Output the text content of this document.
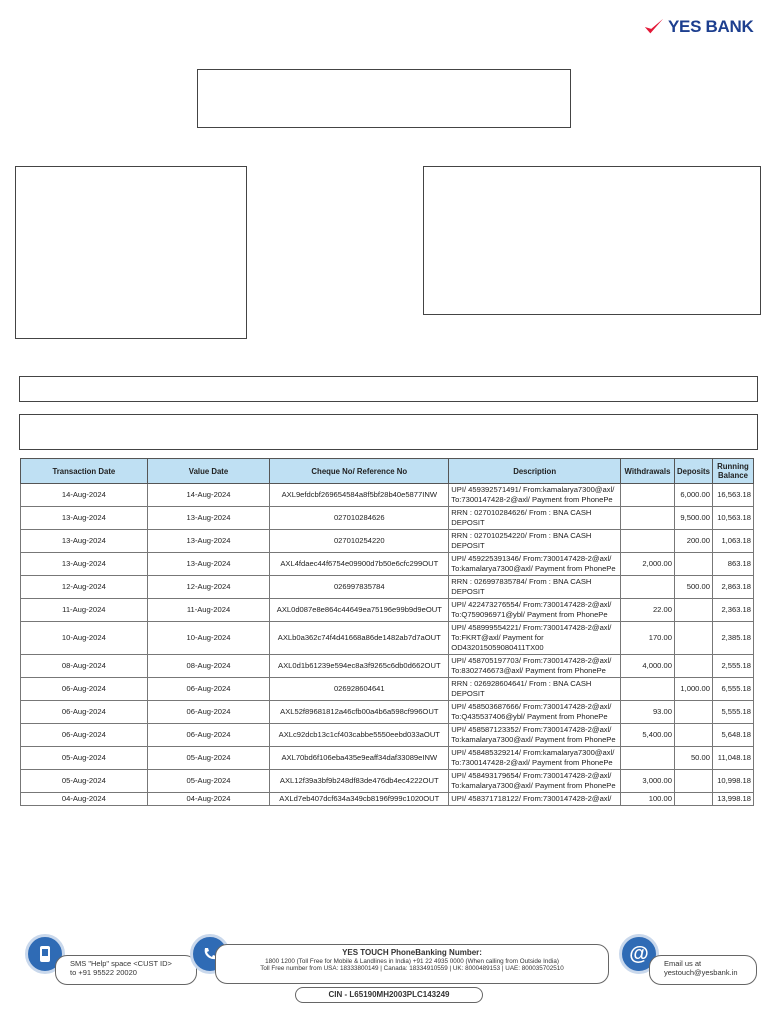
YES BANK
Transaction Date	Value Date	Cheque No/ Reference No	Description	Withdrawals	Deposits	Running Balance
14-Aug-2024	14-Aug-2024	AXL9efdcbf269654584a8f5bf28b40e5877INW	UPI/ 459392571491/ From:kamalarya7300@axl/ To:7300147428-2@axl/ Payment from PhonePe		6,000.00	16,563.18
13-Aug-2024	13-Aug-2024	027010284626	RRN : 027010284626/ From : BNA CASH DEPOSIT		9,500.00	10,563.18
13-Aug-2024	13-Aug-2024	027010254220	RRN : 027010254220/ From : BNA CASH DEPOSIT		200.00	1,063.18
13-Aug-2024	13-Aug-2024	AXL4fdaec44f6754e09900d7b50e6cfc299OUT	UPI/ 459225391346/ From:7300147428-2@axl/ To:kamalarya7300@axl/ Payment from PhonePe	2,000.00		863.18
12-Aug-2024	12-Aug-2024	026997835784	RRN : 026997835784/ From : BNA CASH DEPOSIT		500.00	2,863.18
11-Aug-2024	11-Aug-2024	AXL0d087e8e864c44649ea75196e99b9d9eOUT	UPI/ 422473276554/ From:7300147428-2@axl/ To:Q759096971@ybl/ Payment from PhonePe	22.00		2,363.18
10-Aug-2024	10-Aug-2024	AXLb0a362c74f4d41668a86de1482ab7d7aOUT	UPI/ 458999554221/ From:7300147428-2@axl/ To:FKRT@axl/ Payment for OD432015059080411TX00	170.00		2,385.18
08-Aug-2024	08-Aug-2024	AXL0d1b61239e594ec8a3f9265c6db0d662OUT	UPI/ 458705197703/ From:7300147428-2@axl/ To:8302746673@axl/ Payment from PhonePe	4,000.00		2,555.18
06-Aug-2024	06-Aug-2024	026928604641	RRN : 026928604641/ From : BNA CASH DEPOSIT		1,000.00	6,555.18
06-Aug-2024	06-Aug-2024	AXL52f89681812a46cfb00a4b6a598cf996OUT	UPI/ 458503687666/ From:7300147428-2@axl/ To:Q435537406@ybl/ Payment from PhonePe	93.00		5,555.18
06-Aug-2024	06-Aug-2024	AXLc92dcb13c1cf403cabbe5550eebd033aOUT	UPI/ 458587123352/ From:7300147428-2@axl/ To:kamalarya7300@axl/ Payment from PhonePe	5,400.00		5,648.18
05-Aug-2024	05-Aug-2024	AXL70bd6f106eba435e9eaff34daf33089eINW	UPI/ 458485329214/ From:kamalarya7300@axl/ To:7300147428-2@axl/ Payment from PhonePe		50.00	11,048.18
05-Aug-2024	05-Aug-2024	AXL12f39a3bf9b248df83de476db4ec4222OUT	UPI/ 458493179654/ From:7300147428-2@axl/ To:kamalarya7300@axl/ Payment from PhonePe	3,000.00		10,998.18
04-Aug-2024	04-Aug-2024	AXLd7eb407dcf634a349cb8196f999c1020OUT	UPI/ 458371718122/ From:7300147428-2@axl/	100.00		13,998.18
SMS "Help" space <CUST ID>
to +91 95522 20020
YES TOUCH PhoneBanking Number:
1800 1200 (Toll Free for Mobile & Landlines in India) +91 22 4935 0000 (When calling from Outside India)
Toll Free number from USA: 18333800149 | Canada: 18334910559 | UK: 8000489153 | UAE: 800035702510
@ Email us at
yestouch@yesbank.in
CIN - L65190MH2003PLC143249
